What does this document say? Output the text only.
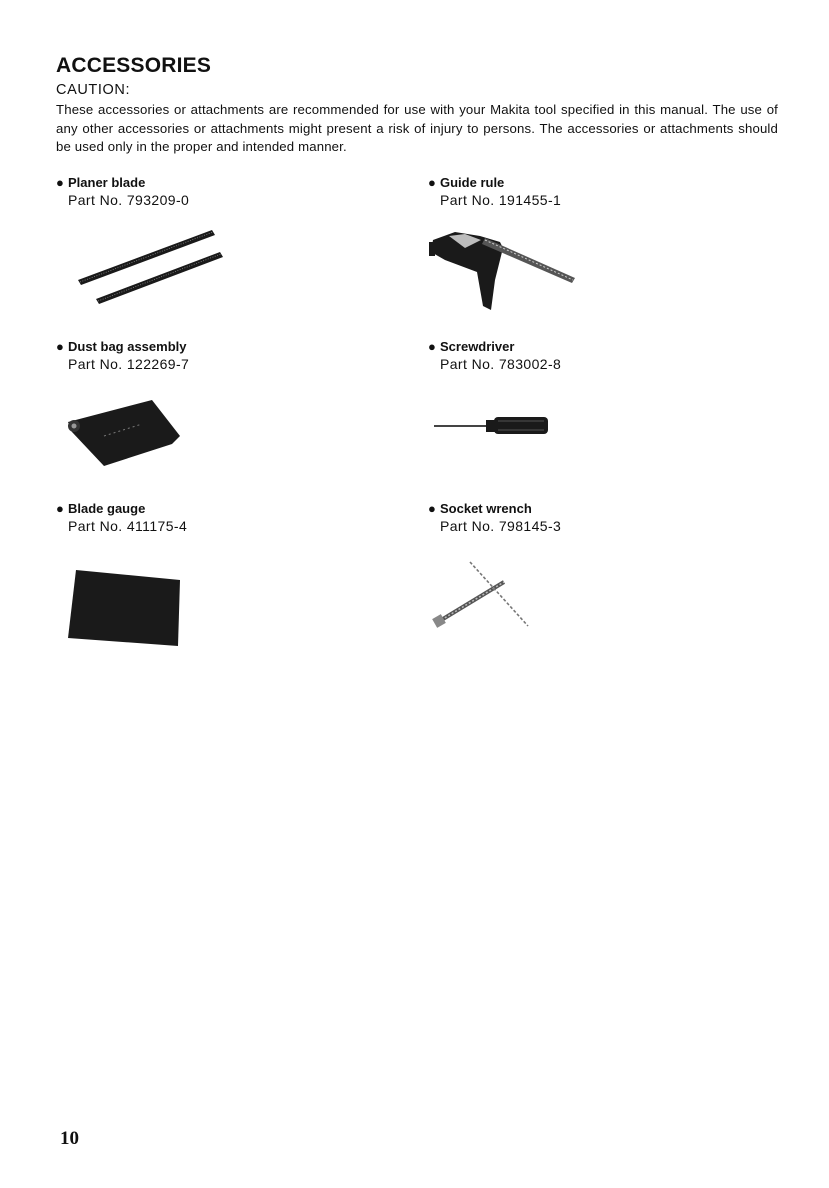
ACCESSORIES
CAUTION:
These accessories or attachments are recommended for use with your Makita tool specified in this manual. The use of any other accessories or attachments might present a risk of injury to persons. The accessories or attachments should be used only in the proper and intended manner.
● Planer blade
Part No. 793209-0
● Guide rule
Part No. 191455-1
● Dust bag assembly
Part No. 122269-7
● Screwdriver
Part No. 783002-8
● Blade gauge
Part No. 411175-4
● Socket wrench
Part No. 798145-3
10
